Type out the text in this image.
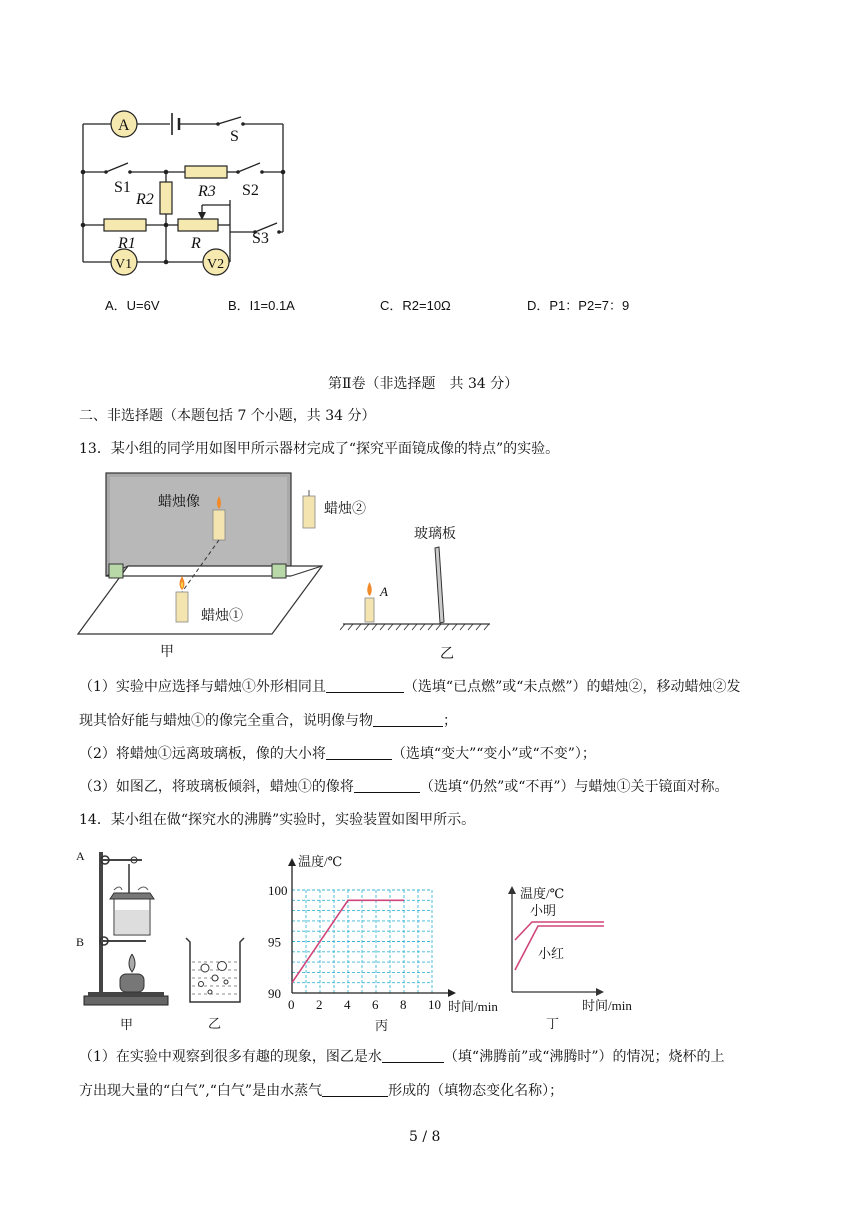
A
S
S1	R3 S2
R2
R1	R	S3
V1	V2
A．U=6V	B．I1=0.1A	C．R2=10Ω	D．P1：P2=7：9
第Ⅱ卷（非选择题　共 34 分）
二、非选择题（本题包括 7 个小题，共 34 分）
13．某小组的同学用如图甲所示器材完成了“探究平面镜成像的特点”的实验。
蜡烛像
蜡烛①
甲
蜡烛②
A
玻璃板
乙
（1）实验中应选择与蜡烛①外形相同且	（选填“已点燃”或“未点燃”）的蜡烛②，移动蜡烛②发
现其恰好能与蜡烛①的像完全重合，说明像与物	；
（2）将蜡烛①远离玻璃板，像的大小将	（选填“变大”“变小”或“不变”）；
（3）如图乙，将玻璃板倾斜，蜡烛①的像将	（选填“仍然”或“不再”）与蜡烛①关于镜面对称。
14．某小组在做“探究水的沸腾”实验时，实验装置如图甲所示。
A
B
甲	乙	丙
0 2 4 6 8 10
90
95
100
温度/℃
时间/min
温度/℃
时间/min
小明
小红
丁
（1）在实验中观察到很多有趣的现象，图乙是水	（填“沸腾前”或“沸腾时”）的情况；烧杯的上
方出现大量的“白气”,“白气”是由水蒸气	形成的（填物态变化名称）；
5 / 8
